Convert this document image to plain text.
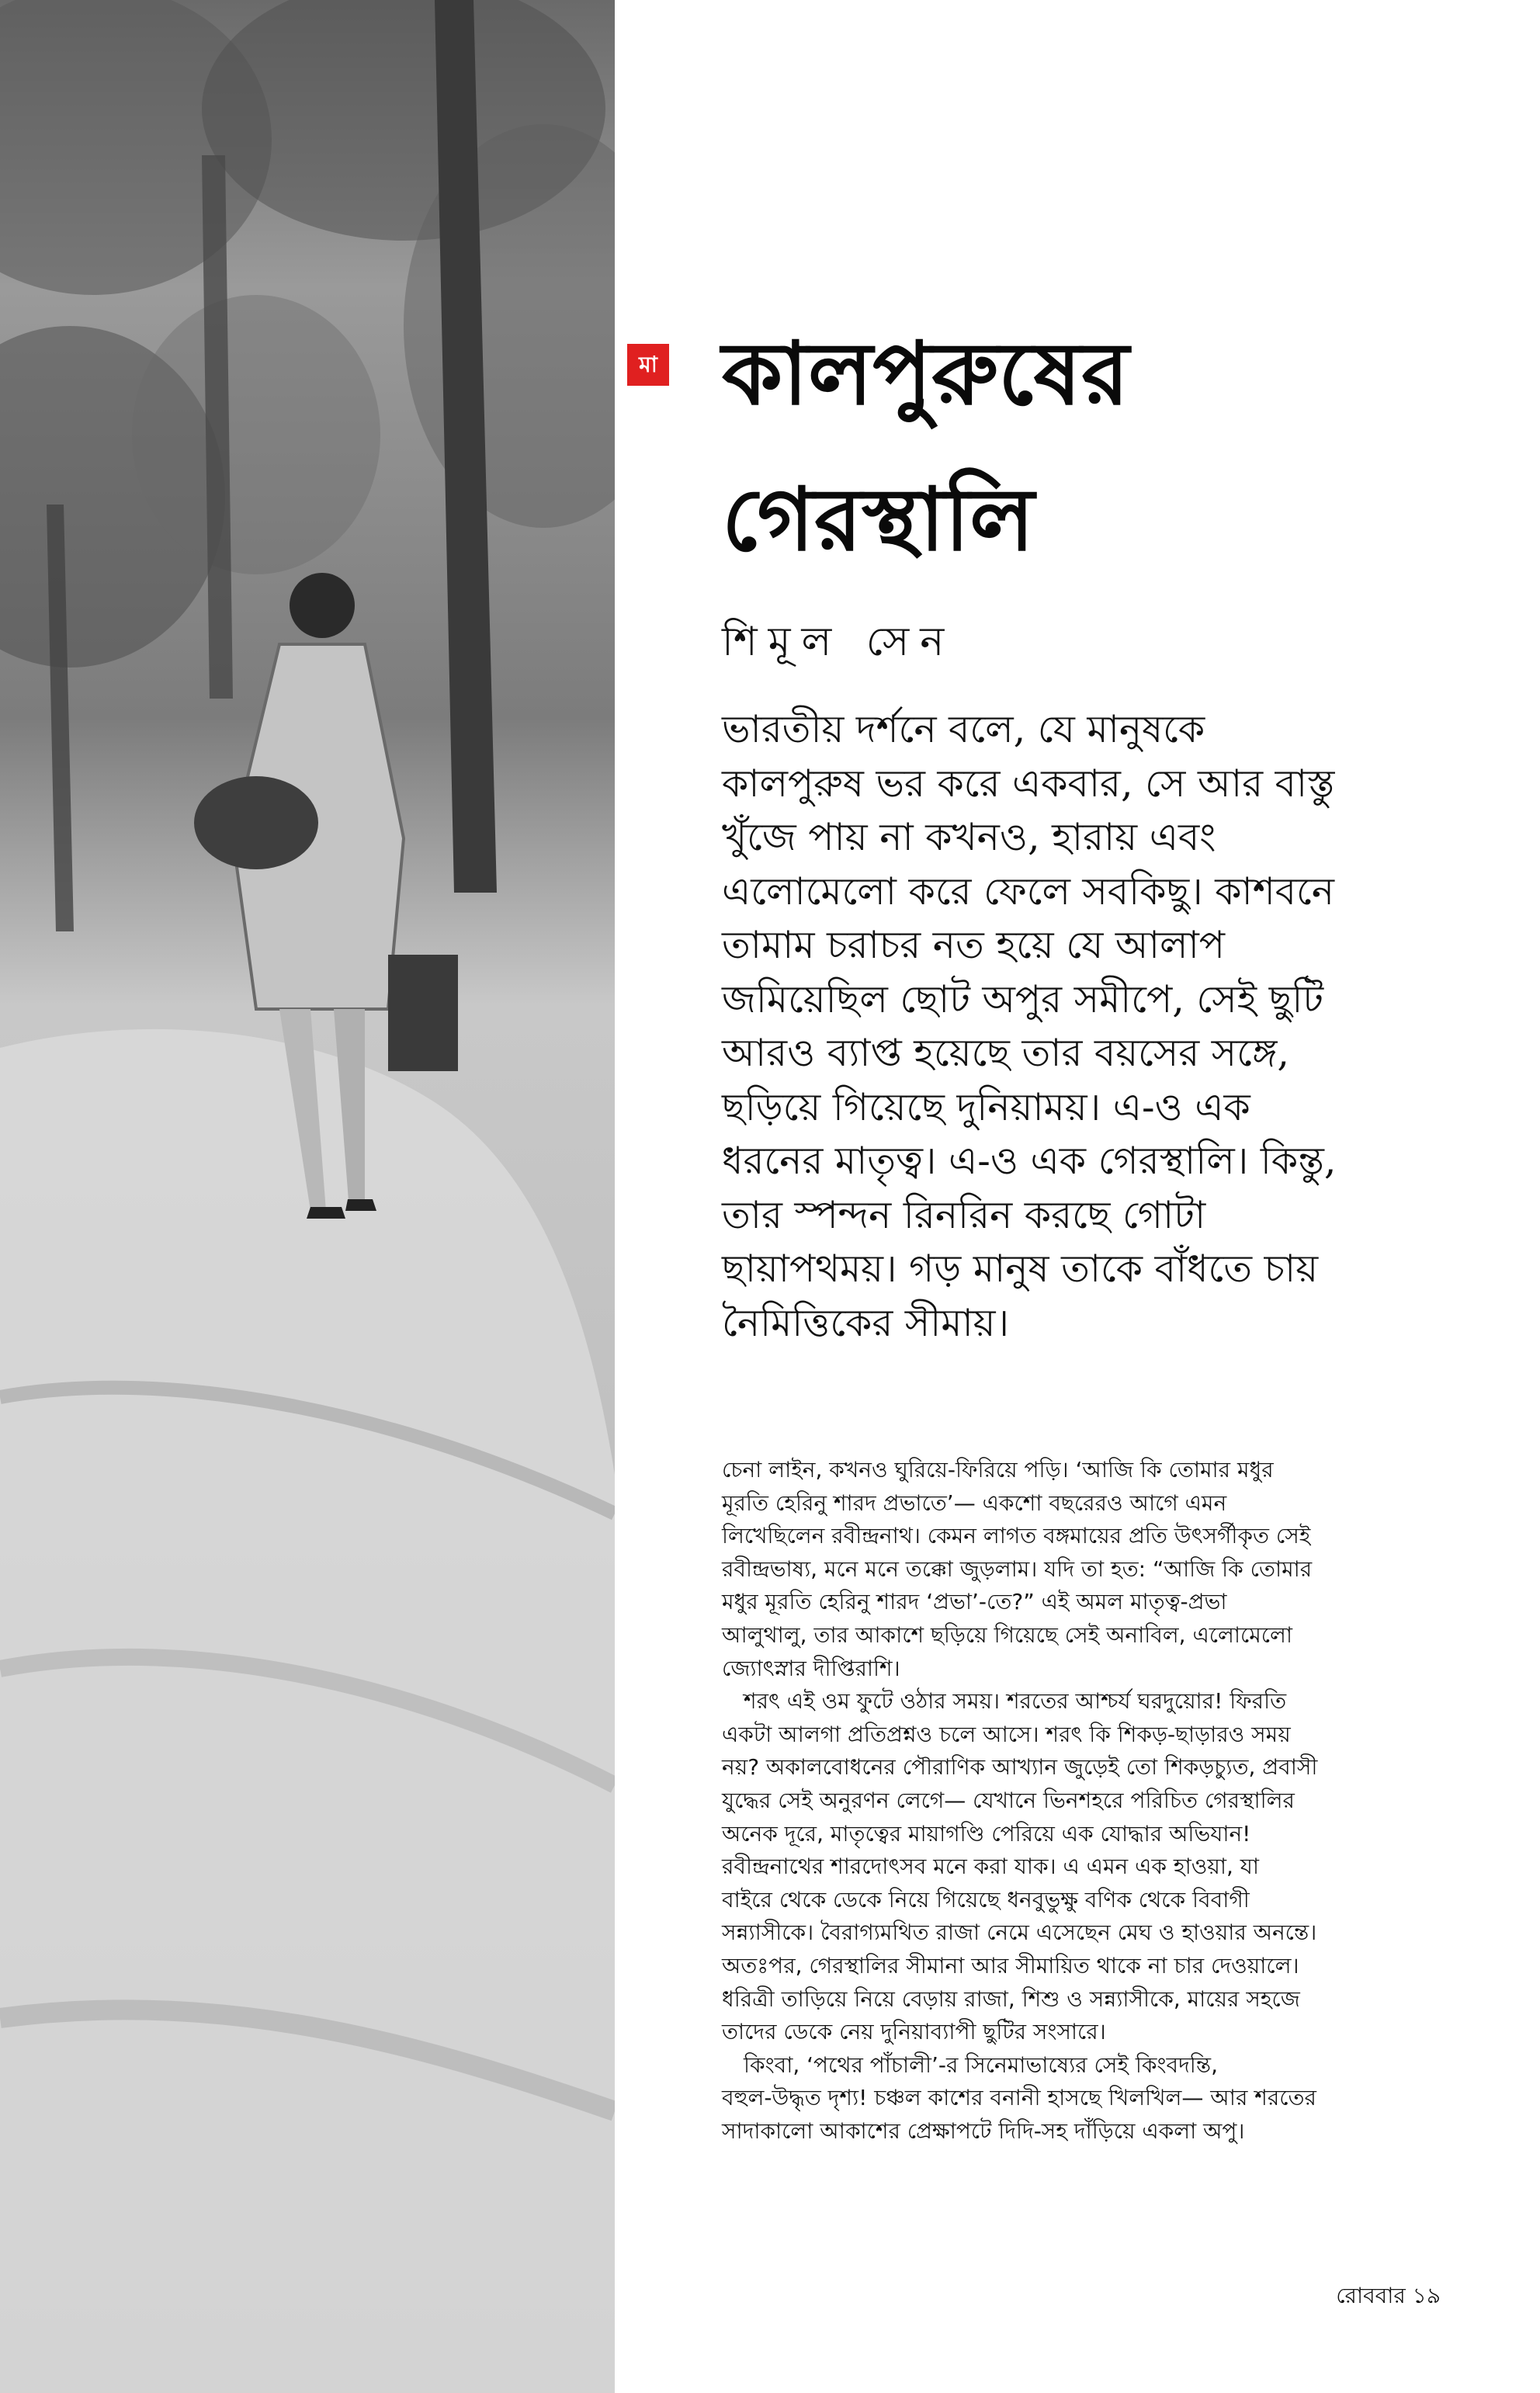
মা কালপুরুষের
গেরস্থালি
শিমূল সেন
ভারতীয় দর্শনে বলে, যে মানুষকে
কালপুরুষ ভর করে একবার, সে আর বাস্তু
খুঁজে পায় না কখনও, হারায় এবং
এলোমেলো করে ফেলে সবকিছু। কাশবনে
তামাম চরাচর নত হয়ে যে আলাপ
জমিয়েছিল ছোট অপুর সমীপে, সেই ছুটি
আরও ব্যাপ্ত হয়েছে তার বয়সের সঙ্গে,
ছড়িয়ে গিয়েছে দুনিয়াময়। এ-ও এক
ধরনের মাতৃত্ব। এ-ও এক গেরস্থালি। কিন্তু,
তার স্পন্দন রিনরিন করছে গোটা
ছায়াপথময়। গড় মানুষ তাকে বাঁধতে চায়
নৈমিত্তিকের সীমায়।
চেনা লাইন, কখনও ঘুরিয়ে-ফিরিয়ে পড়ি। ‘আজি কি তোমার মধুর
মূরতি হেরিনু শারদ প্রভাতে’— একশো বছরেরও আগে এমন
লিখেছিলেন রবীন্দ্রনাথ। কেমন লাগত বঙ্গমায়ের প্রতি উৎসর্গীকৃত সেই
রবীন্দ্রভাষ্য, মনে মনে তক্কো জুড়লাম। যদি তা হত: “আজি কি তোমার
মধুর মূরতি হেরিনু শারদ ‘প্রভা’-তে?” এই অমল মাতৃত্ব-প্রভা
আলুথালু, তার আকাশে ছড়িয়ে গিয়েছে সেই অনাবিল, এলোমেলো
জ্যোৎস্নার দীপ্তিরাশি।
শরৎ এই ওম ফুটে ওঠার সময়। শরতের আশ্চর্য ঘরদুয়োর! ফিরতি
একটা আলগা প্রতিপ্রশ্নও চলে আসে। শরৎ কি শিকড়-ছাড়ারও সময়
নয়? অকালবোধনের পৌরাণিক আখ্যান জুড়েই তো শিকড়চ্যুত, প্রবাসী
যুদ্ধের সেই অনুরণন লেগে— যেখানে ভিনশহরে পরিচিত গেরস্থালির
অনেক দূরে, মাতৃত্বের মায়াগণ্ডি পেরিয়ে এক যোদ্ধার অভিযান!
রবীন্দ্রনাথের শারদোৎসব মনে করা যাক। এ এমন এক হাওয়া, যা
বাইরে থেকে ডেকে নিয়ে গিয়েছে ধনবুভুক্ষু বণিক থেকে বিবাগী
সন্ন্যাসীকে। বৈরাগ্যমথিত রাজা নেমে এসেছেন মেঘ ও হাওয়ার অনন্তে।
অতঃপর, গেরস্থালির সীমানা আর সীমায়িত থাকে না চার দেওয়ালে।
ধরিত্রী তাড়িয়ে নিয়ে বেড়ায় রাজা, শিশু ও সন্ন্যাসীকে, মায়ের সহজে
তাদের ডেকে নেয় দুনিয়াব্যাপী ছুটির সংসারে।
কিংবা, ‘পথের পাঁচালী’-র সিনেমাভাষ্যের সেই কিংবদন্তি,
বহুল-উদ্ধৃত দৃশ্য! চঞ্চল কাশের বনানী হাসছে খিলখিল— আর শরতের
সাদাকালো আকাশের প্রেক্ষাপটে দিদি-সহ দাঁড়িয়ে একলা অপু।
রোববার ১৯
